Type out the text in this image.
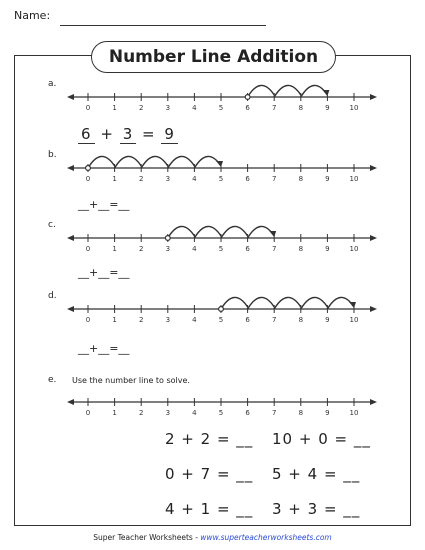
Name:
Number Line Addition
a.
0	1	2	3	4	5	6	7	8	9	10
6 + 3 = 9
b.
0	1	2	3	4	5	6	7	8	9	10
__+__=__
c.
0	1	2	3	4	5	6	7	8	9	10
__+__=__
d.
0	1	2	3	4	5	6	7	8	9	10
__+__=__
e. Use the number line to solve.
0	1	2	3	4	5	6	7	8	9	10
2 + 2 = __ 10 + 0 = __
0 + 7 = __ 5 + 4 = __
4 + 1 = __ 3 + 3 = __
Super Teacher Worksheets - www.superteacherworksheets.com
